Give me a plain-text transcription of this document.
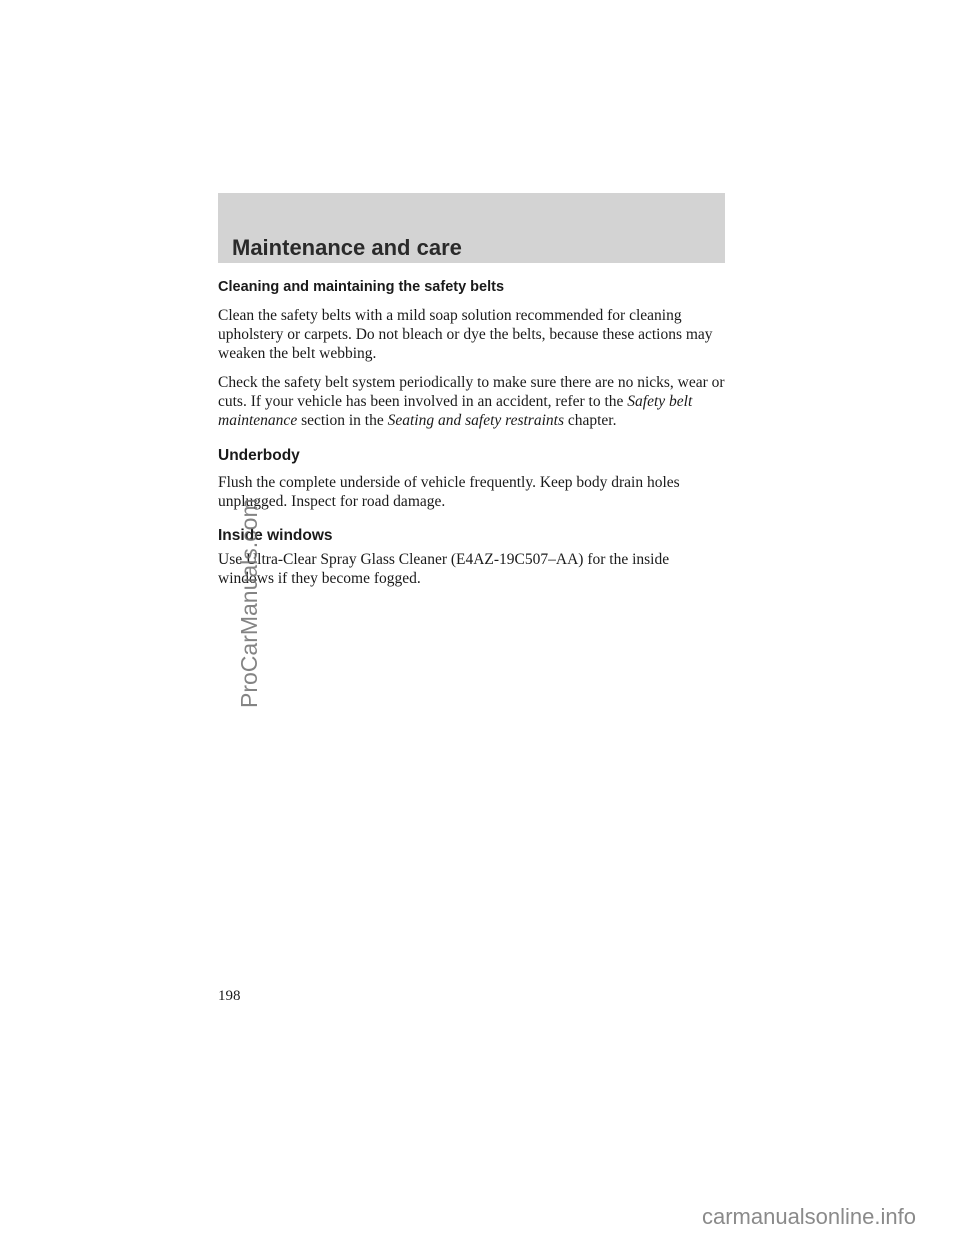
Maintenance and care
Cleaning and maintaining the safety belts

Clean the safety belts with a mild soap solution recommended for cleaning upholstery or carpets. Do not bleach or dye the belts, because these actions may weaken the belt webbing.

Check the safety belt system periodically to make sure there are no nicks, wear or cuts. If your vehicle has been involved in an accident, refer to the Safety belt maintenance section in the Seating and safety restraints chapter.

Underbody

Flush the complete underside of vehicle frequently. Keep body drain holes unplugged. Inspect for road damage.

Inside windows

Use Ultra-Clear Spray Glass Cleaner (E4AZ-19C507–AA) for the inside windows if they become fogged.

198

ProCarManuals.com
carmanualsonline.info
